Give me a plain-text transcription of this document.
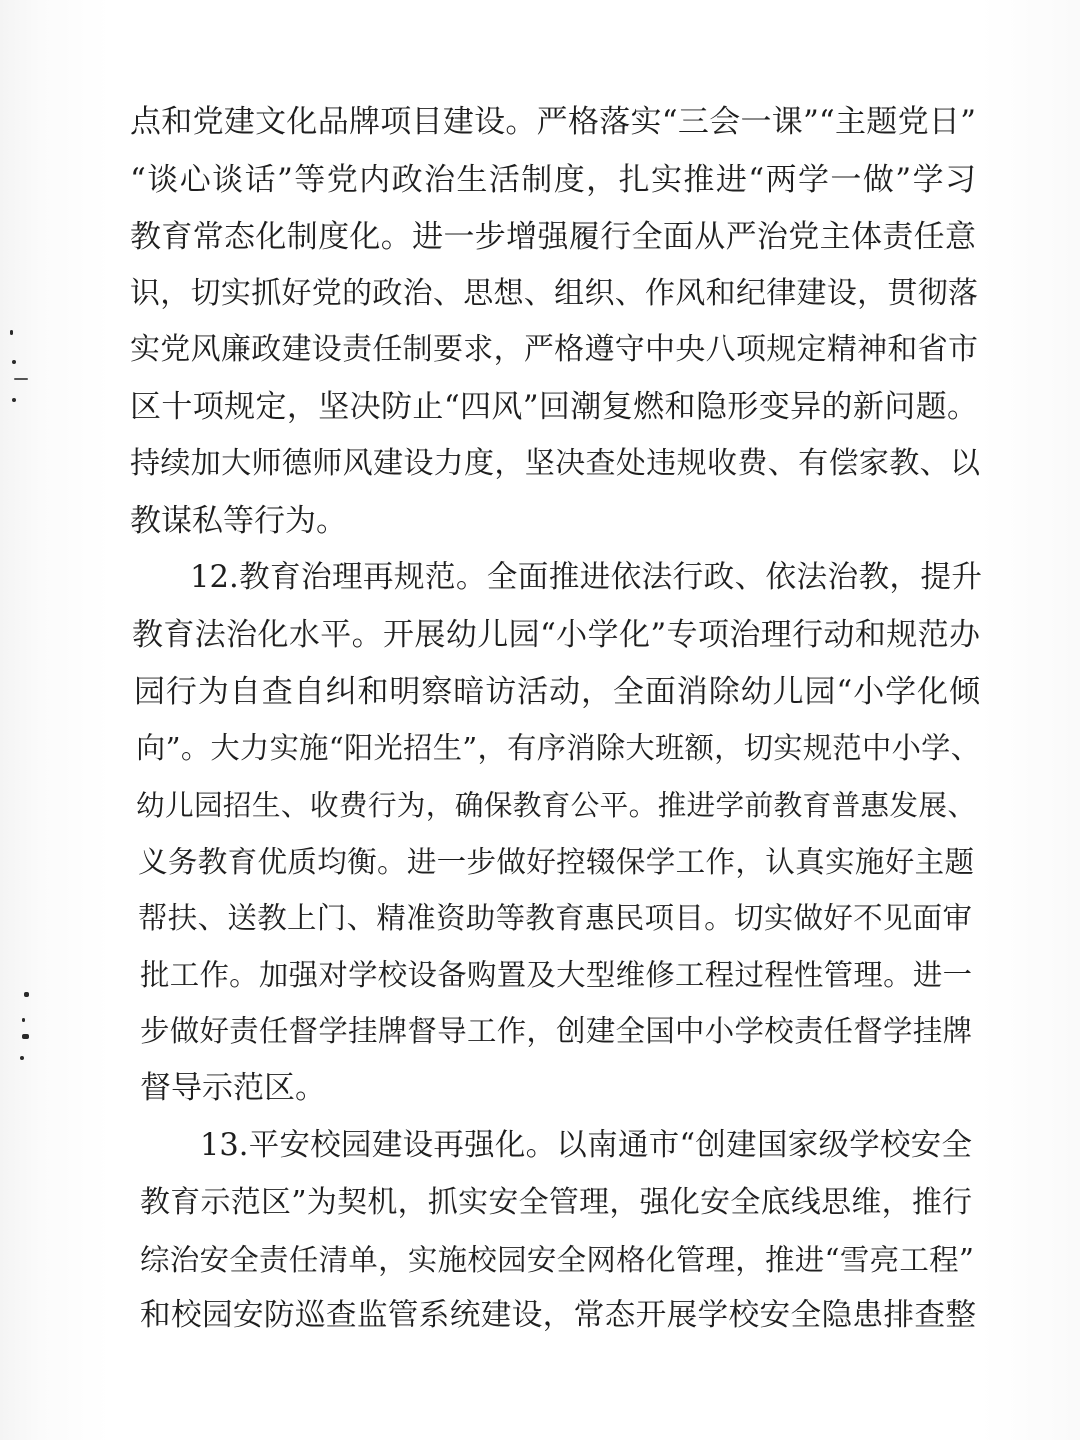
点和党建文化品牌项目建设。严格落实“三会一课”“主题党日”
“谈心谈话”等党内政治生活制度，扎实推进“两学一做”学习
教育常态化制度化。进一步增强履行全面从严治党主体责任意
识，切实抓好党的政治、思想、组织、作风和纪律建设，贯彻落
实党风廉政建设责任制要求，严格遵守中央八项规定精神和省市
区十项规定，坚决防止“四风”回潮复燃和隐形变异的新问题。
持续加大师德师风建设力度，坚决查处违规收费、有偿家教、以
教谋私等行为。
12.教育治理再规范。全面推进依法行政、依法治教，提升
教育法治化水平。开展幼儿园“小学化”专项治理行动和规范办
园行为自查自纠和明察暗访活动，全面消除幼儿园“小学化倾
向”。大力实施“阳光招生”，有序消除大班额，切实规范中小学、
幼儿园招生、收费行为，确保教育公平。推进学前教育普惠发展、
义务教育优质均衡。进一步做好控辍保学工作，认真实施好主题
帮扶、送教上门、精准资助等教育惠民项目。切实做好不见面审
批工作。加强对学校设备购置及大型维修工程过程性管理。进一
步做好责任督学挂牌督导工作，创建全国中小学校责任督学挂牌
督导示范区。
13.平安校园建设再强化。以南通市“创建国家级学校安全
教育示范区”为契机，抓实安全管理，强化安全底线思维，推行
综治安全责任清单，实施校园安全网格化管理，推进“雪亮工程”
和校园安防巡查监管系统建设，常态开展学校安全隐患排查整
